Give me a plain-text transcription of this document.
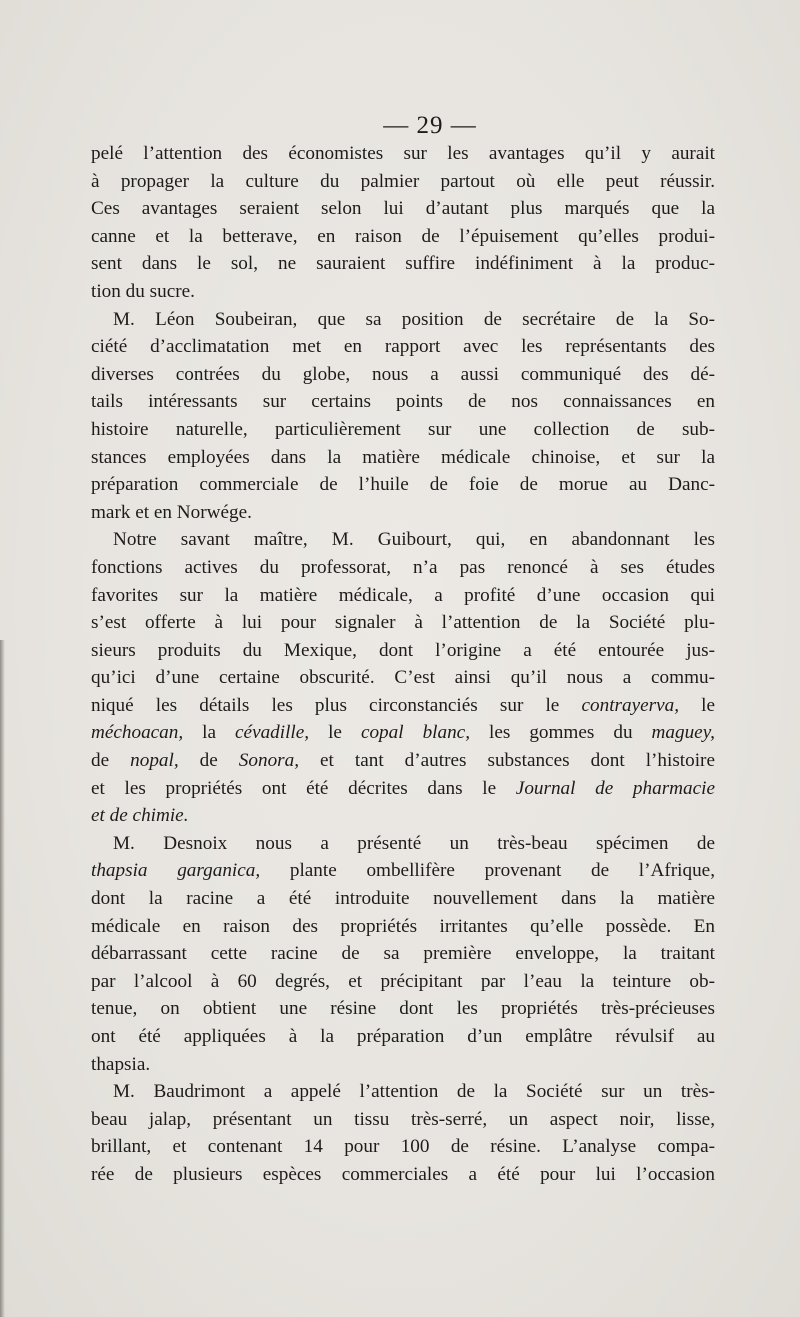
— 29 —
pelé l’attention des économistes sur les avantages qu’il y aurait
à propager la culture du palmier partout où elle peut réussir.
Ces avantages seraient selon lui d’autant plus marqués que la
canne et la betterave, en raison de l’épuisement qu’elles produi-
sent dans le sol, ne sauraient suffire indéfiniment à la produc-
tion du sucre.
M. Léon Soubeiran, que sa position de secrétaire de la So-
ciété d’acclimatation met en rapport avec les représentants des
diverses contrées du globe, nous a aussi communiqué des dé-
tails intéressants sur certains points de nos connaissances en
histoire naturelle, particulièrement sur une collection de sub-
stances employées dans la matière médicale chinoise, et sur la
préparation commerciale de l’huile de foie de morue au Danc-
mark et en Norwége.
Notre savant maître, M. Guibourt, qui, en abandonnant les
fonctions actives du professorat, n’a pas renoncé à ses études
favorites sur la matière médicale, a profité d’une occasion qui
s’est offerte à lui pour signaler à l’attention de la Société plu-
sieurs produits du Mexique, dont l’origine a été entourée jus-
qu’ici d’une certaine obscurité. C’est ainsi qu’il nous a commu-
niqué les détails les plus circonstanciés sur le contrayerva, le
méchoacan, la cévadille, le copal blanc, les gommes du maguey,
de nopal, de Sonora, et tant d’autres substances dont l’histoire
et les propriétés ont été décrites dans le Journal de pharmacie
et de chimie.
M. Desnoix nous a présenté un très-beau spécimen de
thapsia garganica, plante ombellifère provenant de l’Afrique,
dont la racine a été introduite nouvellement dans la matière
médicale en raison des propriétés irritantes qu’elle possède. En
débarrassant cette racine de sa première enveloppe, la traitant
par l’alcool à 60 degrés, et précipitant par l’eau la teinture ob-
tenue, on obtient une résine dont les propriétés très-précieuses
ont été appliquées à la préparation d’un emplâtre révulsif au
thapsia.
M. Baudrimont a appelé l’attention de la Société sur un très-
beau jalap, présentant un tissu très-serré, un aspect noir, lisse,
brillant, et contenant 14 pour 100 de résine. L’analyse compa-
rée de plusieurs espèces commerciales a été pour lui l’occasion
